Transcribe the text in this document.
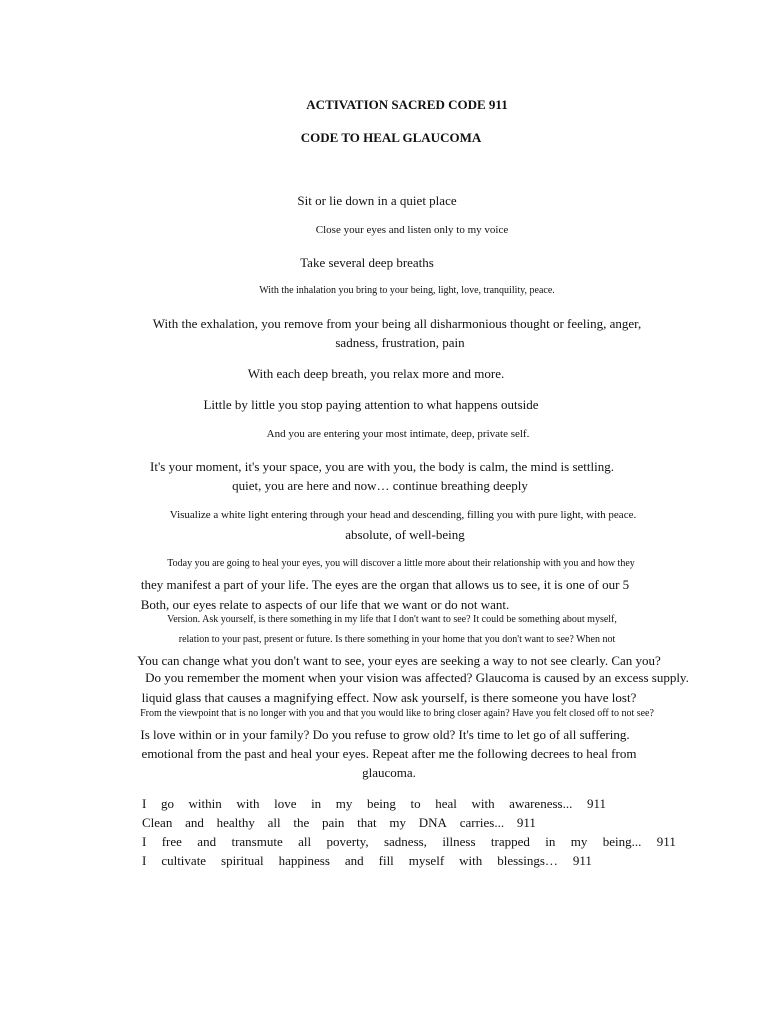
ACTIVATION SACRED CODE 911
CODE TO HEAL GLAUCOMA
Sit or lie down in a quiet place
Close your eyes and listen only to my voice
Take several deep breaths
With the inhalation you bring to your being, light, love, tranquility, peace.
With the exhalation, you remove from your being all disharmonious thought or feeling, anger,
sadness, frustration, pain
With each deep breath, you relax more and more.
Little by little you stop paying attention to what happens outside
And you are entering your most intimate, deep, private self.
It's your moment, it's your space, you are with you, the body is calm, the mind is settling.
quiet, you are here and now… continue breathing deeply
Visualize a white light entering through your head and descending, filling you with pure light, with peace.
absolute, of well-being
Today you are going to heal your eyes, you will discover a little more about their relationship with you and how they
they manifest a part of your life. The eyes are the organ that allows us to see, it is one of our 5
Both, our eyes relate to aspects of our life that we want or do not want.
Version. Ask yourself, is there something in my life that I don't want to see? It could be something about myself,
relation to your past, present or future. Is there something in your home that you don't want to see? When not
You can change what you don't want to see, your eyes are seeking a way to not see clearly. Can you?
Do you remember the moment when your vision was affected? Glaucoma is caused by an excess supply.
liquid glass that causes a magnifying effect. Now ask yourself, is there someone you have lost?
From the viewpoint that is no longer with you and that you would like to bring closer again? Have you felt closed off to not see?
Is love within or in your family? Do you refuse to grow old? It's time to let go of all suffering.
emotional from the past and heal your eyes. Repeat after me the following decrees to heal from
glaucoma.
I go within with love in my being to heal with awareness... 911
Clean and healthy all the pain that my DNA carries... 911
I free and transmute all poverty, sadness, illness trapped in my being... 911
I cultivate spiritual happiness and fill myself with blessings… 911
